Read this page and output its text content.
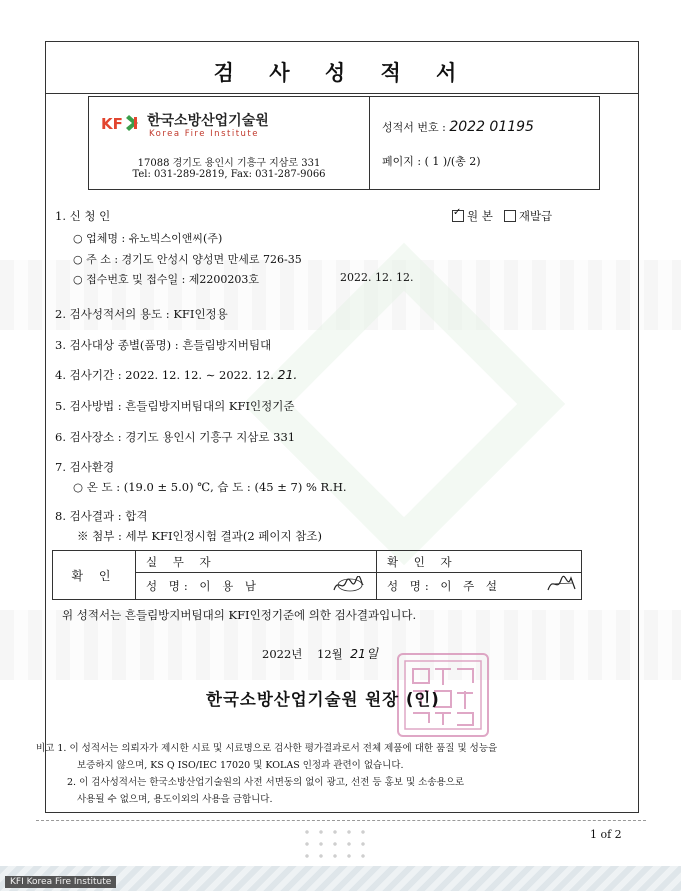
검 사 성 적 서
KF 한국소방산업기술원
Korea Fire Institute
17088 경기도 용인시 기흥구 지삼로 331
Tel: 031-289-2819, Fax: 031-287-9066
성적서 번호 : 2022 01195
페이지 : ( 1 )/(총 2)
1. 신 청 인
✓	원 본 재발급
○ 업체명 : 유노빅스이앤씨(주)
○ 주 소 : 경기도 안성시 양성면 만세로 726-35
○ 접수번호 및 접수일 : 제2200203호	2022. 12. 12.
2. 검사성적서의 용도 : KFI인정용
3. 검사대상 종별(품명) : 흔들림방지버팀대
4. 검사기간 : 2022. 12. 12. ∼ 2022. 12. 21.
5. 검사방법 : 흔들림방지버팀대의 KFI인정기준
6. 검사장소 : 경기도 용인시 기흥구 지삼로 331
7. 검사환경
○ 온 도 : (19.0 ± 5.0) ℃, 습 도 : (45 ± 7) % R.H.
8. 검사결과 : 합격
※ 첨부 : 세부 KFI인정시험 결과(2 페이지 참조)
확 인
실 무 자
성 명: 이 용 남
확 인 자
성 명: 이 주 설
위 성적서는 흔들림방지버팀대의 KFI인정기준에 의한 검사결과입니다.
2022년 12월 21일
한국소방산업기술원 원장 (인)
비고 1. 이 성적서는 의뢰자가 제시한 시료 및 시료명으로 검사한 평가결과로서 전체 제품에 대한 품질 및 성능을
보증하지 않으며, KS Q ISO/IEC 17020 및 KOLAS 인정과 관련이 없습니다.
2. 이 검사성적서는 한국소방산업기술원의 사전 서면동의 없이 광고, 선전 등 홍보 및 소송용으로
사용될 수 없으며, 용도이외의 사용을 금합니다.
1 of 2
KFI Korea Fire Institute
